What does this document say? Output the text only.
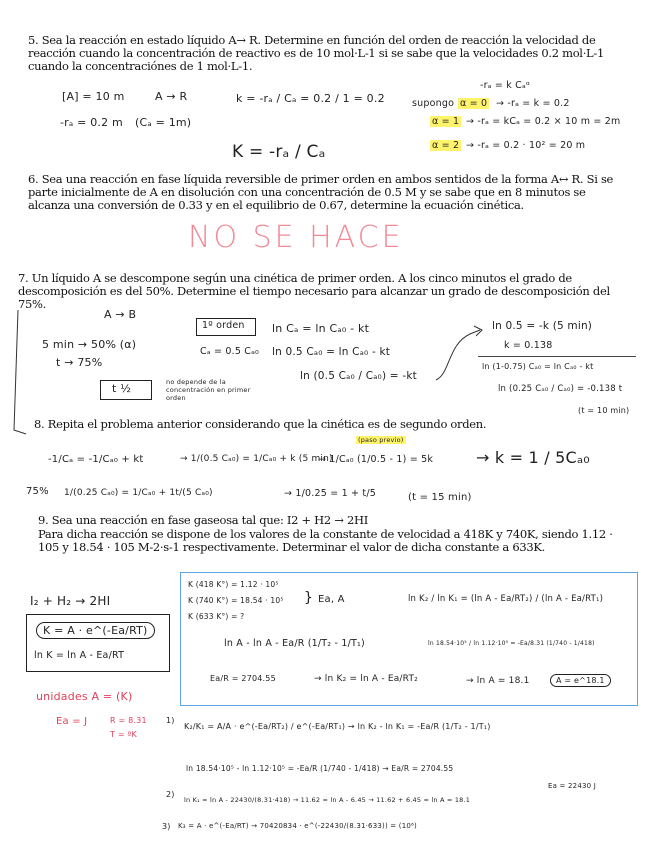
5. Sea la reacción en estado líquido A→ R. Determine en función del orden de reacción la velocidad de reacción cuando la concentración de reactivo es de 10 mol·L-1 si se sabe que la velocidades 0.2 mol·L-1 cuando la concentraciónes de 1 mol·L-1.
[A] = 10 m	A → R
-rₐ = 0.2 m (Cₐ = 1m)
k = -rₐ / Cₐ = 0.2 / 1 = 0.2
K = -rₐ / Cₐ
-rₐ = k Cₐᵅ
supongo α = 0 → -rₐ = k = 0.2
α = 1 → -rₐ = kCₐ = 0.2 × 10 m = 2m
α = 2 → -rₐ = 0.2 · 10² = 20 m
6. Sea una reacción en fase líquida reversible de primer orden en ambos sentidos de la forma A↔ R. Si se parte inicialmente de A en disolución con una concentración de 0.5 M y se sabe que en 8 minutos se alcanza una conversión de 0.33 y en el equilibrio de 0.67, determine la ecuación cinética.
NO SE HACE
7. Un líquido A se descompone según una cinética de primer orden. A los cinco minutos el grado de descomposición es del 50%. Determine el tiempo necesario para alcanzar un grado de descomposición del 75%.
A → B
5 min → 50% (α)
t → 75%
t ½	no depende de la concentración en primer orden
1º orden
Cₐ = 0.5 Cₐ₀
ln Cₐ = ln Cₐ₀ - kt
ln 0.5 Cₐ₀ = ln Cₐ₀ - kt
ln (0.5 Cₐ₀ / Cₐ₀) = -kt
ln 0.5 = -k (5 min)
k = 0.138
ln (1-0.75) Cₐ₀ = ln Cₐ₀ - kt
ln (0.25 Cₐ₀ / Cₐ₀) = -0.138 t
(t = 10 min)
8. Repita el problema anterior considerando que la cinética es de segundo orden.
(paso previo)
-1/Cₐ = -1/Cₐ₀ + kt	→ 1/(0.5 Cₐ₀) = 1/Cₐ₀ + k (5 min)
→ 1/Cₐ₀ (1/0.5 - 1) = 5k	→ k = 1 / 5Cₐ₀
75% 1/(0.25 Cₐ₀) = 1/Cₐ₀ + 1t/(5 Cₐ₀)	→ 1/0.25 = 1 + t/5	(t = 15 min)
9. Sea una reacción en fase gaseosa tal que: I2 + H2 → 2HI
Para dicha reacción se dispone de los valores de la constante de velocidad a 418K y 740K, siendo 1.12 · 105 y 18.54 · 105 M-2·s-1 respectivamente. Determinar el valor de dicha constante a 633K.
I₂ + H₂ → 2HI
K = A · e^(-Ea/RT)
ln K = ln A - Ea/RT
unidades A = (K)
Ea = J	R = 8.31
T = ºK
K (418 K°) = 1.12 · 10⁵
K (740 K°) = 18.54 · 10⁵
K (633 K°) = ?
} Ea, A	ln K₂ / ln K₁ = (ln A - Ea/RT₂) / (ln A - Ea/RT₁)
ln A - ln A - Ea/R (1/T₂ - 1/T₁)	ln 18.54·10⁵ / ln 1.12·10⁵ = -Ea/8.31 (1/740 - 1/418)
Ea/R = 2704.55	→ ln K₂ = ln A - Ea/RT₂	→ ln A = 18.1	A = e^18.1
1)
K₂/K₁ = A/A · e^(-Ea/RT₂) / e^(-Ea/RT₁) → ln K₂ - ln K₁ = -Ea/R (1/T₂ - 1/T₁)
ln 18.54·10⁵ - ln 1.12·10⁵ = -Ea/R (1/740 - 1/418) → Ea/R = 2704.55
Ea = 22430 J
2)
ln K₁ = ln A - 22430/(8.31·418) → 11.62 = ln A - 6.45 → 11.62 + 6.45 = ln A = 18.1
3) K₃ = A · e^(-Ea/RT) → 70420834 · e^(-22430/(8.31·633)) = (10⁶)
